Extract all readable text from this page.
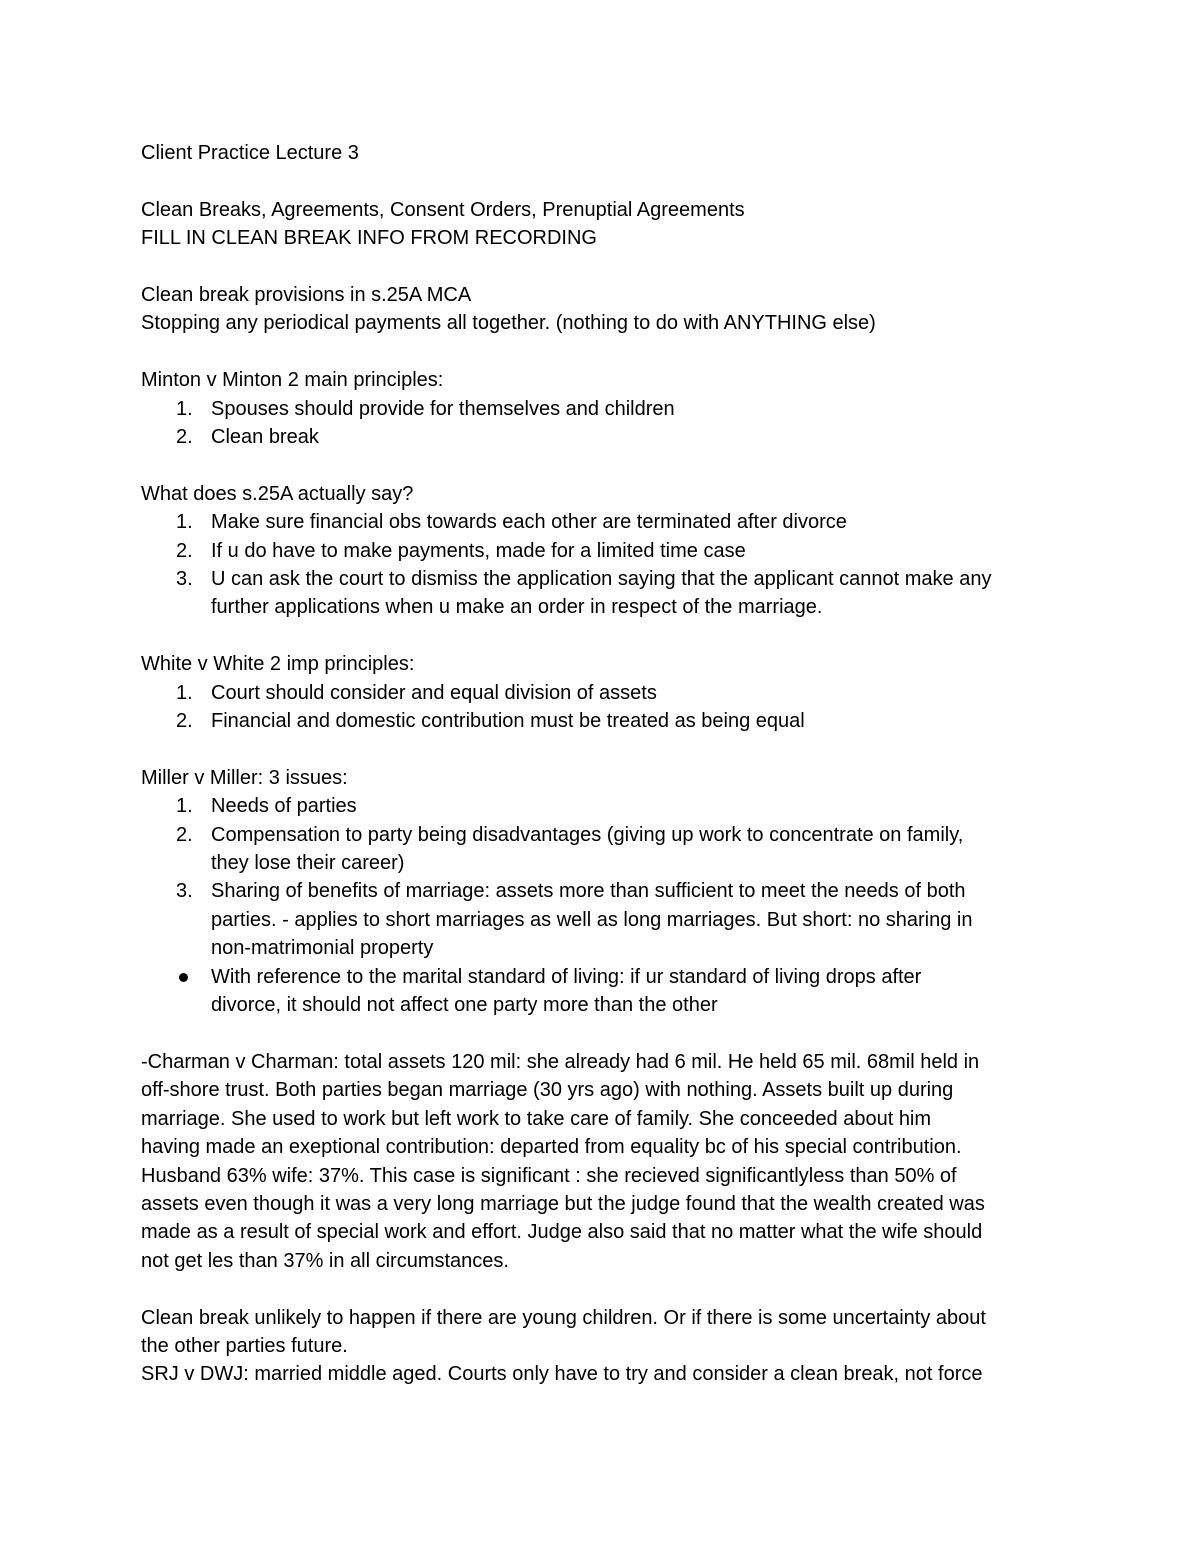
Client Practice Lecture 3

Clean Breaks, Agreements, Consent Orders, Prenuptial Agreements

FILL IN CLEAN BREAK INFO FROM RECORDING

Clean break provisions in s.25A MCA

Stopping any periodical payments all together. (nothing to do with ANYTHING else)

Minton v Minton 2 main principles:

1. Spouses should provide for themselves and children
2. Clean break

What does s.25A actually say?

1. Make sure financial obs towards each other are terminated after divorce
2. If u do have to make payments, made for a limited time case
3. U can ask the court to dismiss the application saying that the applicant cannot make any
further applications when u make an order in respect of the marriage.

White v White 2 imp principles:

1. Court should consider and equal division of assets
2. Financial and domestic contribution must be treated as being equal

Miller v Miller: 3 issues:

1. Needs of parties
2. Compensation to party being disadvantages (giving up work to concentrate on family,
they lose their career)
3. Sharing of benefits of marriage: assets more than sufficient to meet the needs of both
parties. - applies to short marriages as well as long marriages. But short: no sharing in
non-matrimonial property
With reference to the marital standard of living: if ur standard of living drops after
divorce, it should not affect one party more than the other
-Charman v Charman: total assets 120 mil: she already had 6 mil. He held 65 mil. 68mil held in
off-shore trust. Both parties began marriage (30 yrs ago) with nothing. Assets built up during
marriage. She used to work but left work to take care of family. She conceeded about him
having made an exeptional contribution: departed from equality bc of his special contribution.
Husband 63% wife: 37%. This case is significant : she recieved significantlyless than 50% of
assets even though it was a very long marriage but the judge found that the wealth created was
made as a result of special work and effort. Judge also said that no matter what the wife should
not get les than 37% in all circumstances.
Clean break unlikely to happen if there are young children. Or if there is some uncertainty about
the other parties future.
SRJ v DWJ: married middle aged. Courts only have to try and consider a clean break, not force
